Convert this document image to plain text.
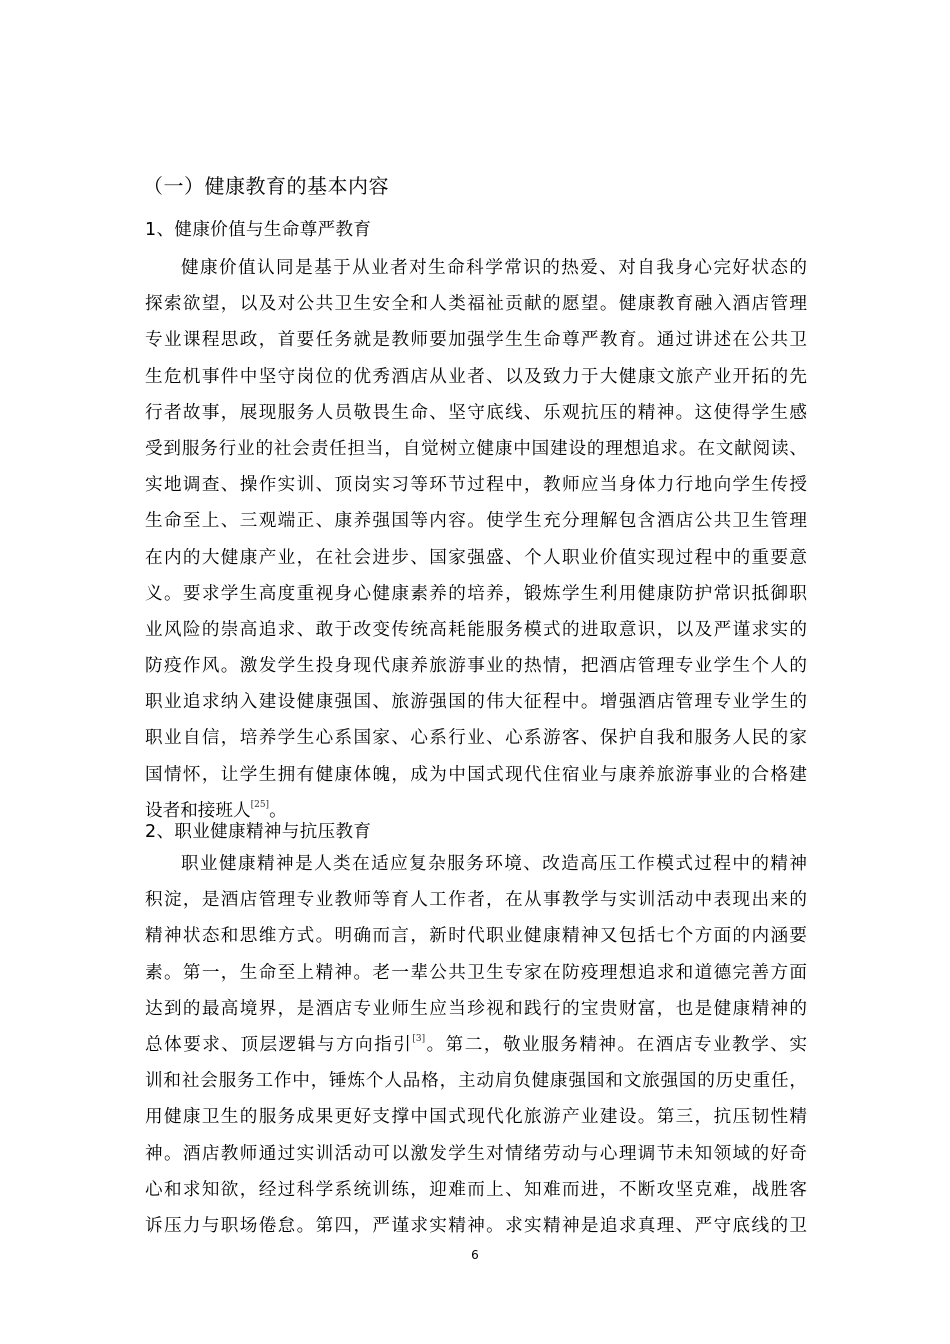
（一）健康教育的基本内容
1、健康价值与生命尊严教育
健康价值认同是基于从业者对生命科学常识的热爱、对自我身心完好状态的
探索欲望，以及对公共卫生安全和人类福祉贡献的愿望。健康教育融入酒店管理
专业课程思政，首要任务就是教师要加强学生生命尊严教育。通过讲述在公共卫
生危机事件中坚守岗位的优秀酒店从业者、以及致力于大健康文旅产业开拓的先
行者故事，展现服务人员敬畏生命、坚守底线、乐观抗压的精神。这使得学生感
受到服务行业的社会责任担当，自觉树立健康中国建设的理想追求。在文献阅读、
实地调查、操作实训、顶岗实习等环节过程中，教师应当身体力行地向学生传授
生命至上、三观端正、康养强国等内容。使学生充分理解包含酒店公共卫生管理
在内的大健康产业，在社会进步、国家强盛、个人职业价值实现过程中的重要意
义。要求学生高度重视身心健康素养的培养，锻炼学生利用健康防护常识抵御职
业风险的崇高追求、敢于改变传统高耗能服务模式的进取意识，以及严谨求实的
防疫作风。激发学生投身现代康养旅游事业的热情，把酒店管理专业学生个人的
职业追求纳入建设健康强国、旅游强国的伟大征程中。增强酒店管理专业学生的
职业自信，培养学生心系国家、心系行业、心系游客、保护自我和服务人民的家
国情怀，让学生拥有健康体魄，成为中国式现代住宿业与康养旅游事业的合格建
设者和接班人[25]。
2、职业健康精神与抗压教育
职业健康精神是人类在适应复杂服务环境、改造高压工作模式过程中的精神
积淀，是酒店管理专业教师等育人工作者，在从事教学与实训活动中表现出来的
精神状态和思维方式。明确而言，新时代职业健康精神又包括七个方面的内涵要
素。第一，生命至上精神。老一辈公共卫生专家在防疫理想追求和道德完善方面
达到的最高境界，是酒店专业师生应当珍视和践行的宝贵财富，也是健康精神的
总体要求、顶层逻辑与方向指引[3]。第二，敬业服务精神。在酒店专业教学、实
训和社会服务工作中，锤炼个人品格，主动肩负健康强国和文旅强国的历史重任，
用健康卫生的服务成果更好支撑中国式现代化旅游产业建设。第三，抗压韧性精
神。酒店教师通过实训活动可以激发学生对情绪劳动与心理调节未知领域的好奇
心和求知欲，经过科学系统训练，迎难而上、知难而进，不断攻坚克难，战胜客
诉压力与职场倦怠。第四，严谨求实精神。求实精神是追求真理、严守底线的卫
6
